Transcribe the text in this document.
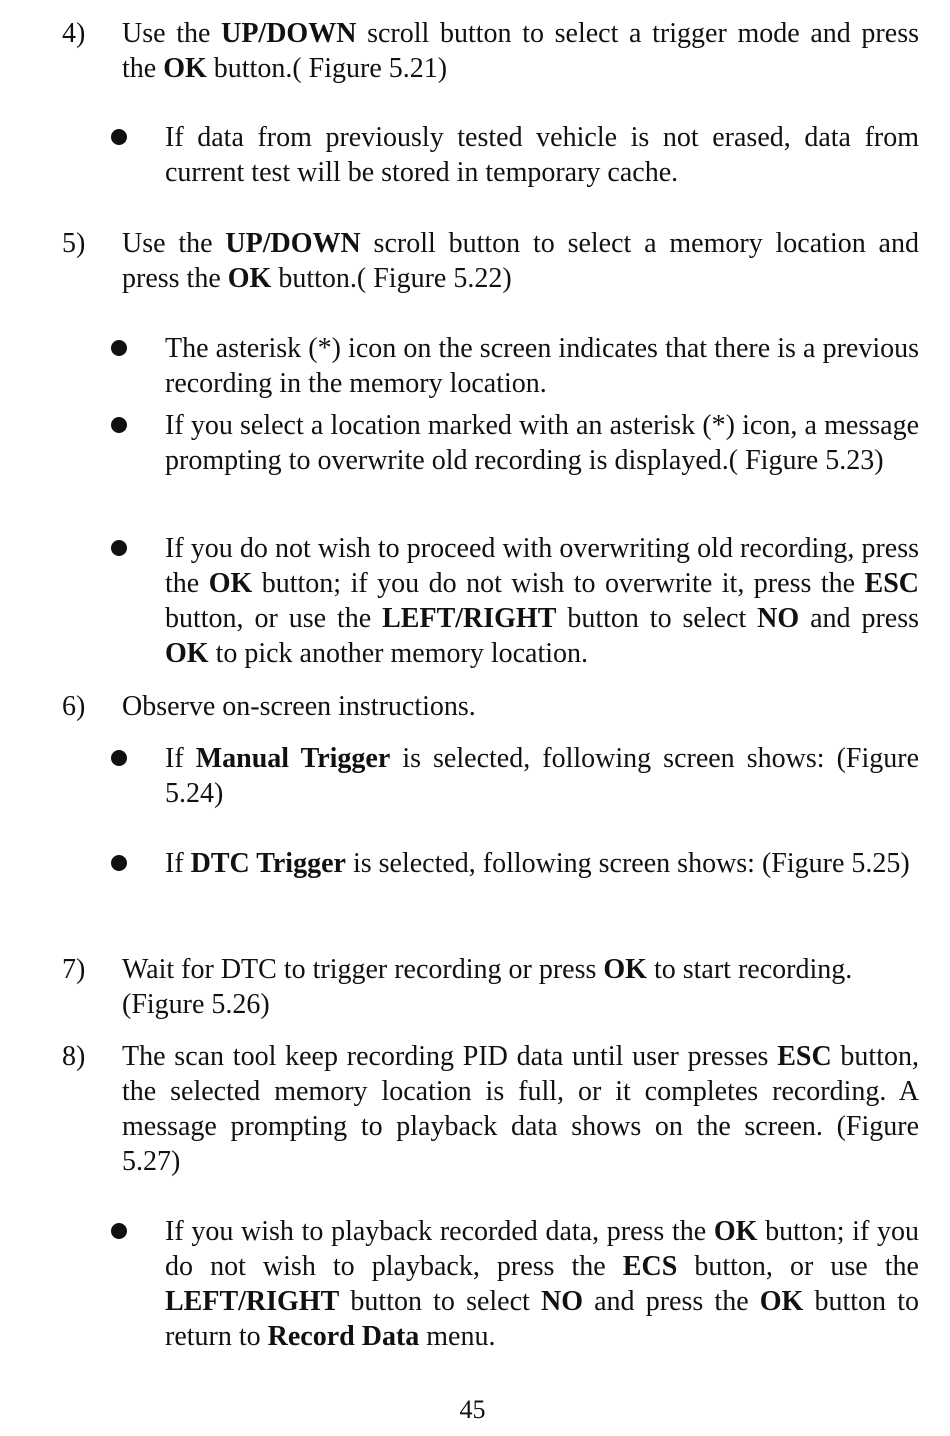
4) Use the UP/DOWN scroll button to select a trigger mode and press the OK button.( Figure 5.21)

If data from previously tested vehicle is not erased, data from current test will be stored in temporary cache.

5) Use the UP/DOWN scroll button to select a memory location and press the OK button.( Figure 5.22)

The asterisk (*) icon on the screen indicates that there is a previous recording in the memory location.

If you select a location marked with an asterisk (*) icon, a message prompting to overwrite old recording is displayed.( Figure 5.23)

If you do not wish to proceed with overwriting old recording, press the OK button; if you do not wish to overwrite it, press the ESC button, or use the LEFT/RIGHT button to select NO and press OK to pick another memory location.

6) Observe on-screen instructions.

If Manual Trigger is selected, following screen shows: (Figure 5.24)

If DTC Trigger is selected, following screen shows: (Figure 5.25)

7) Wait for DTC to trigger recording or press OK to start recording. (Figure 5.26)

8) The scan tool keep recording PID data until user presses ESC button, the selected memory location is full, or it completes recording. A message prompting to playback data shows on the screen. (Figure 5.27)

If you wish to playback recorded data, press the OK button; if you do not wish to playback, press the ECS button, or use the LEFT/RIGHT button to select NO and press the OK button to return to Record Data menu.

45
